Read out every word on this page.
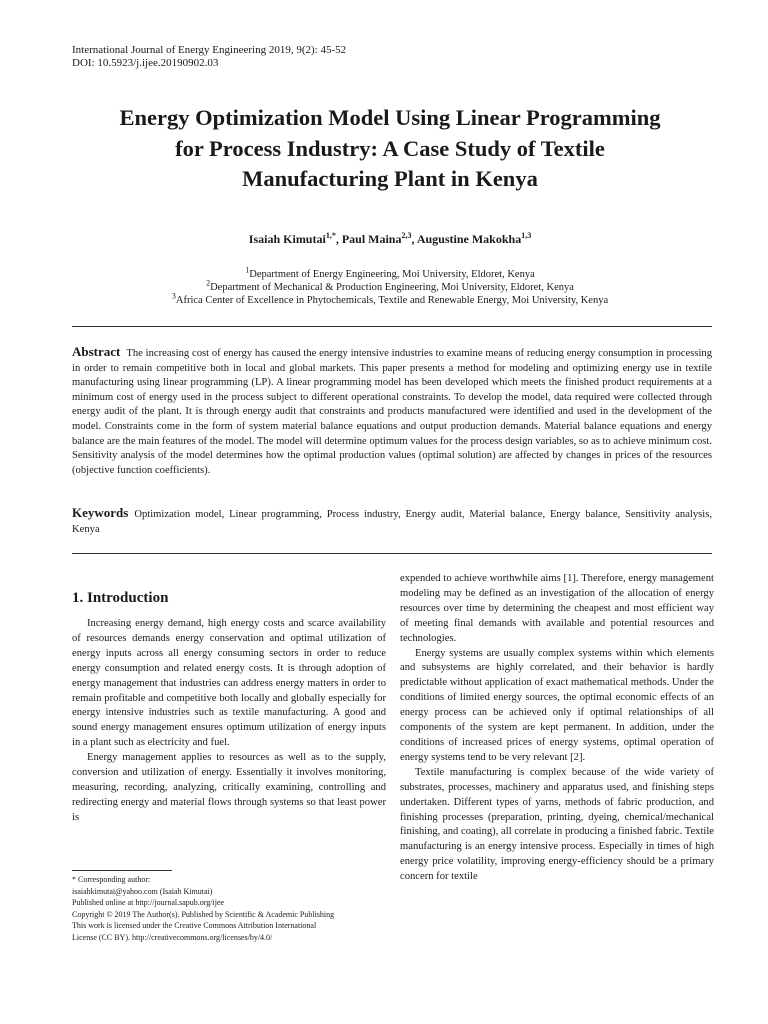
International Journal of Energy Engineering 2019, 9(2): 45-52
DOI: 10.5923/j.ijee.20190902.03
Energy Optimization Model Using Linear Programming
for Process Industry: A Case Study of Textile
Manufacturing Plant in Kenya
Isaiah Kimutai$^{1,*}$, Paul Maina$^{2,3}$, Augustine Makokha$^{1,3}$
$^1$Department of Energy Engineering, Moi University, Eldoret, Kenya
$^2$Department of Mechanical & Production Engineering, Moi University, Eldoret, Kenya
$^3$Africa Center of Excellence in Phytochemicals, Textile and Renewable Energy, Moi University, Kenya
Abstract The increasing cost of energy has caused the energy intensive industries to examine means of reducing energy consumption in processing in order to remain competitive both in local and global markets. This paper presents a method for modeling and optimizing energy use in textile manufacturing using linear programming (LP). A linear programming model has been developed which meets the finished product requirements at a minimum cost of energy used in the process subject to different operational constraints. To develop the model, data required were collected through energy audit of the plant. It is through energy audit that constraints and products manufactured were identified and used in the development of the model. Constraints come in the form of system material balance equations and output production demands. Material balance equations and energy balance are the main features of the model. The model will determine optimum values for the process design variables, so as to achieve minimum cost. Sensitivity analysis of the model determines how the optimal production values (optimal solution) are affected by changes in prices of the resources (objective function coefficients).
Keywords Optimization model, Linear programming, Process industry, Energy audit, Material balance, Energy balance, Sensitivity analysis, Kenya
1. Introduction

Increasing energy demand, high energy costs and scarce availability of resources demands energy conservation and optimal utilization of energy inputs across all energy consuming sectors in order to reduce energy consumption and related energy costs. It is through adoption of energy management that industries can address energy matters in order to remain profitable and competitive both locally and globally especially for energy intensive industries such as textile manufacturing. A good and sound energy management ensures optimum utilization of energy inputs in a plant such as electricity and fuel.

Energy management applies to resources as well as to the supply, conversion and utilization of energy. Essentially it involves monitoring, measuring, recording, analyzing, critically examining, controlling and redirecting energy and material flows through systems so that least power is

expended to achieve worthwhile aims [1]. Therefore, energy management modeling may be defined as an investigation of the allocation of energy resources over time by determining the cheapest and most efficient way of meeting final demands with available and potential resources and technologies.

Energy systems are usually complex systems within which elements and subsystems are highly correlated, and their behavior is hardly predictable without application of exact mathematical methods. Under the conditions of limited energy sources, the optimal economic effects of an energy process can be achieved only if optimal relationships of all components of the system are kept permanent. In addition, under the conditions of increased prices of energy systems, optimal operation of energy systems tend to be very relevant [2].

Textile manufacturing is complex because of the wide variety of substrates, processes, machinery and apparatus used, and finishing steps undertaken. Different types of yarns, methods of fabric production, and finishing processes (preparation, printing, dyeing, chemical/mechanical finishing, and coating), all correlate in producing a finished fabric. Textile manufacturing is an energy intensive process. Especially in times of high energy price volatility, improving energy-efficiency should be a primary concern for textile

* Corresponding author:
isaiahkimutai@yahoo.com (Isaiah Kimutai)
Published online at http://journal.sapub.org/ijee
Copyright © 2019 The Author(s). Published by Scientific & Academic Publishing
This work is licensed under the Creative Commons Attribution International
License (CC BY). http://creativecommons.org/licenses/by/4.0/
